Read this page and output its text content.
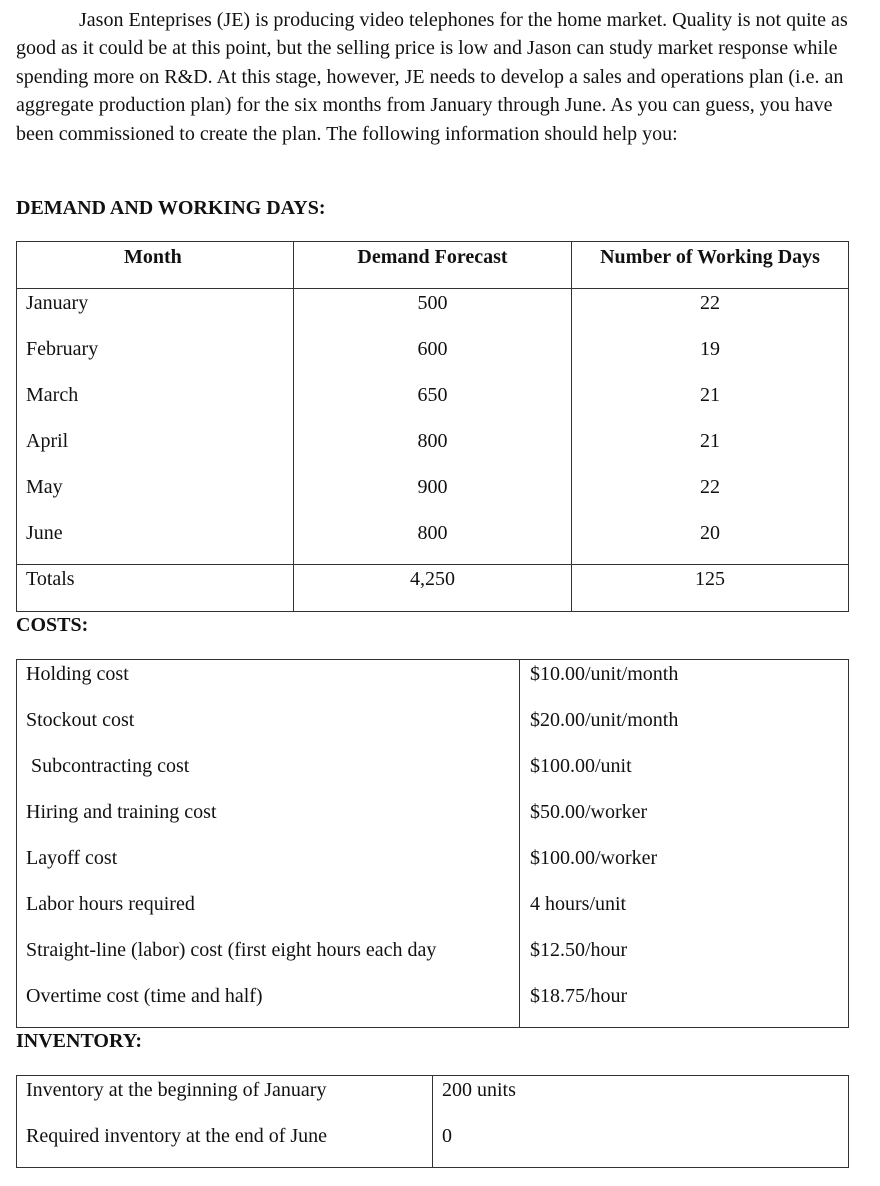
Jason Enteprises (JE) is producing video telephones for the home market. Quality is not quite as good as it could be at this point, but the selling price is low and Jason can study market response while spending more on R&D. At this stage, however, JE needs to develop a sales and operations plan (i.e. an aggregate production plan) for the six months from January through June. As you can guess, you have been commissioned to create the plan. The following information should help you:

DEMAND AND WORKING DAYS:
Month	Demand Forecast	Number of Working Days
January	500	22
February	600	19
March	650	21
April	800	21
May	900	22
June	800	20
Totals	4,250	125
COSTS:
Holding cost	$10.00/unit/month
Stockout cost	$20.00/unit/month
Subcontracting cost	$100.00/unit
Hiring and training cost	$50.00/worker
Layoff cost	$100.00/worker
Labor hours required	4 hours/unit
Straight-line (labor) cost (first eight hours each day	$12.50/hour
Overtime cost (time and half)	$18.75/hour
INVENTORY:
Inventory at the beginning of January	200 units
Required inventory at the end of June	0
